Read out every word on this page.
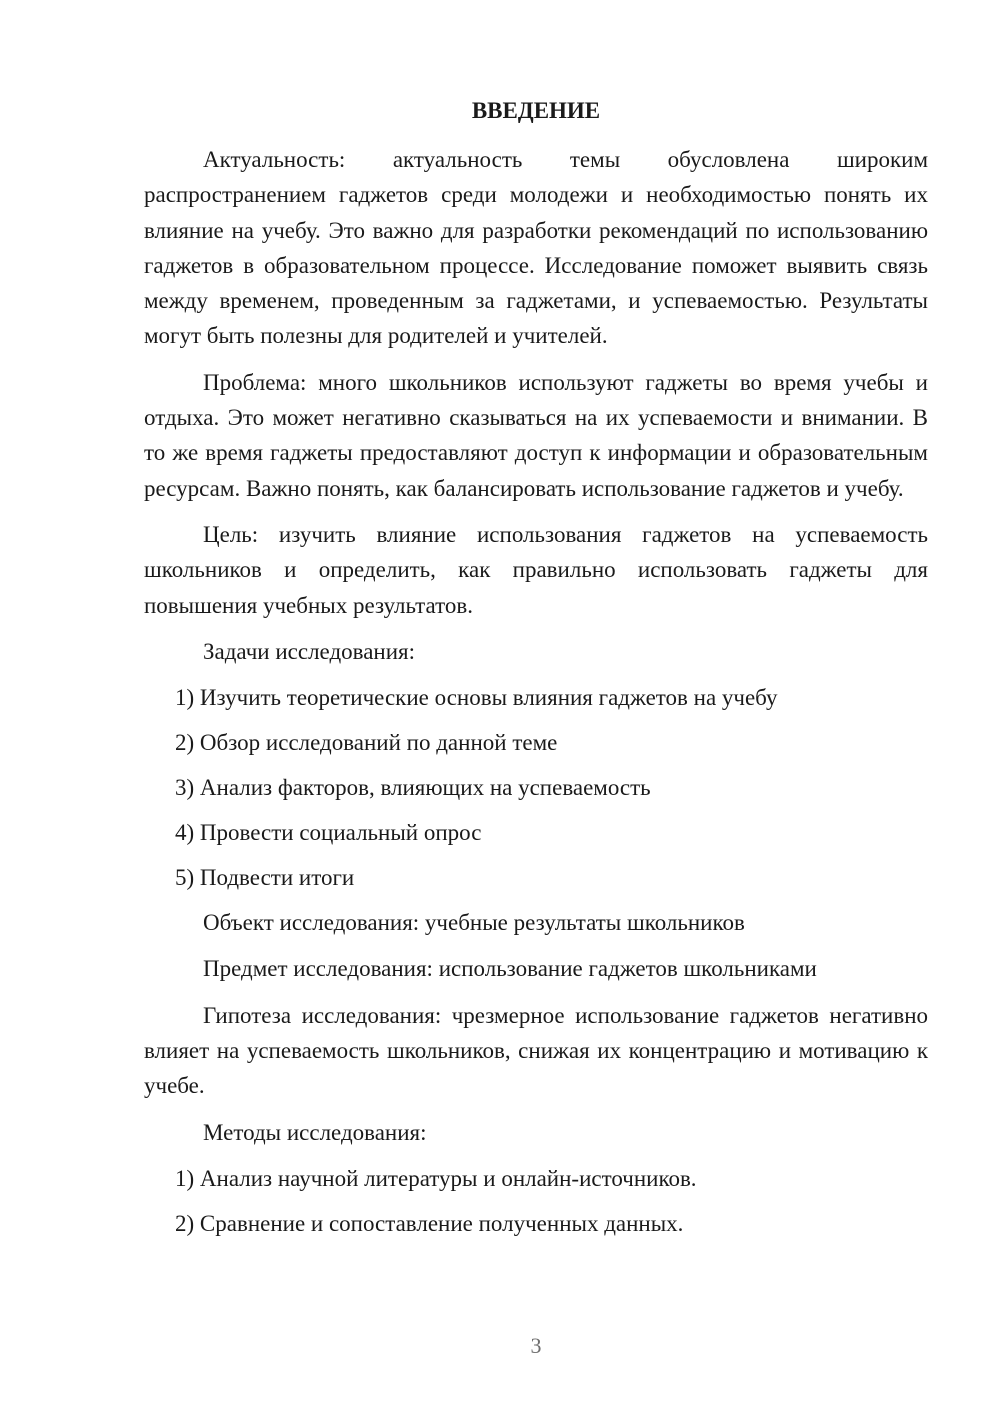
ВВЕДЕНИЕ

Актуальность: актуальность темы обусловлена широким распространением гаджетов среди молодежи и необходимостью понять их влияние на учебу. Это важно для разработки рекомендаций по использованию гаджетов в образовательном процессе. Исследование поможет выявить связь между временем, проведенным за гаджетами, и успеваемостью. Результаты могут быть полезны для родителей и учителей.

Проблема: много школьников используют гаджеты во время учебы и отдыха. Это может негативно сказываться на их успеваемости и внимании. В то же время гаджеты предоставляют доступ к информации и образовательным ресурсам. Важно понять, как балансировать использование гаджетов и учебу.

Цель: изучить влияние использования гаджетов на успеваемость школьников и определить, как правильно использовать гаджеты для повышения учебных результатов.

Задачи исследования:

1) Изучить теоретические основы влияния гаджетов на учебу
2) Обзор исследований по данной теме
3) Анализ факторов, влияющих на успеваемость
4) Провести социальный опрос
5) Подвести итоги

Объект исследования: учебные результаты школьников

Предмет исследования: использование гаджетов школьниками

Гипотеза исследования: чрезмерное использование гаджетов негативно влияет на успеваемость школьников, снижая их концентрацию и мотивацию к учебе.

Методы исследования:

1) Анализ научной литературы и онлайн-источников.
2) Сравнение и сопоставление полученных данных.
3
